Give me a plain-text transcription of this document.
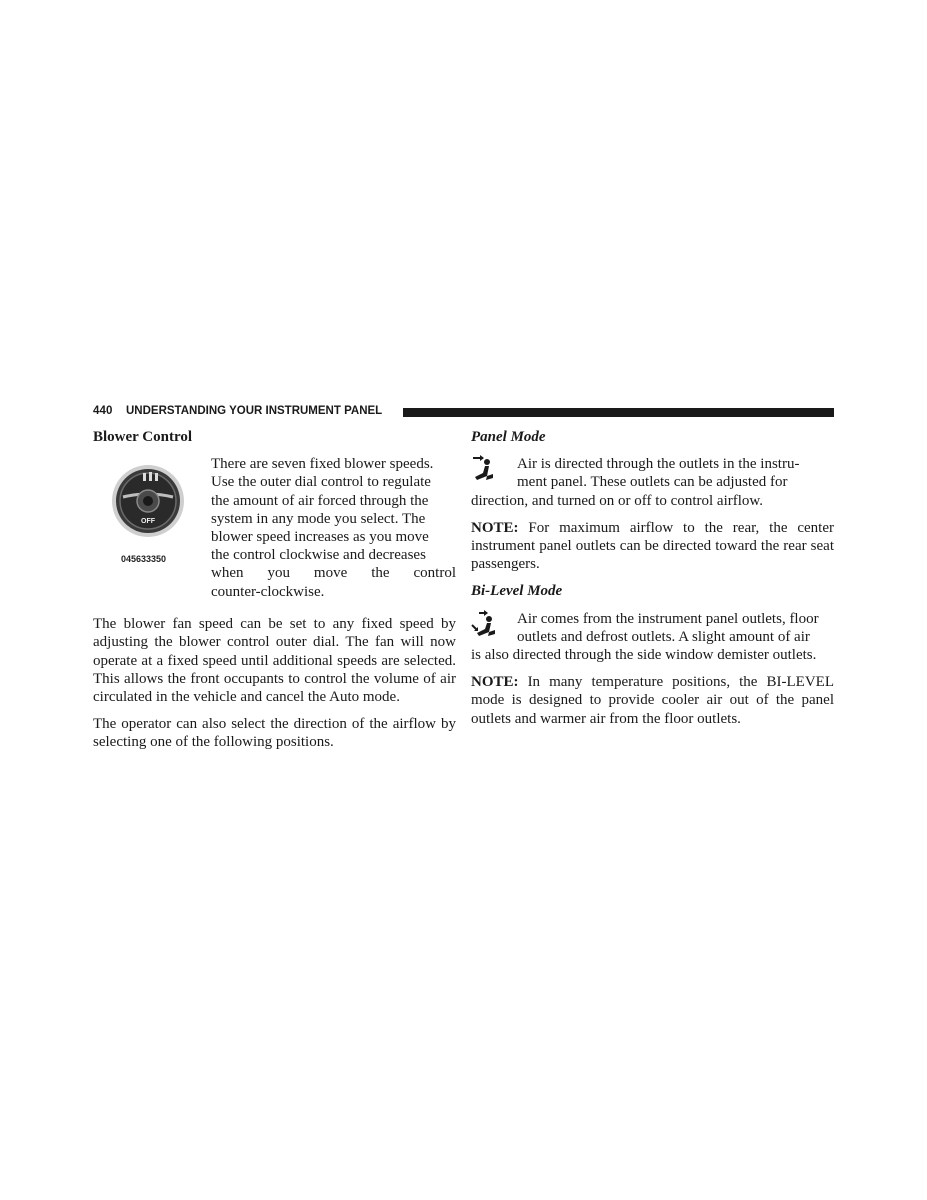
440 UNDERSTANDING YOUR INSTRUMENT PANEL
Blower Control
OFF
045633350
There are seven fixed blower speeds.
Use the outer dial control to regulate
the amount of air forced through the
system in any mode you select. The
blower speed increases as you move
the control clockwise and decreases
when you move the control
counter-clockwise.

The blower fan speed can be set to any fixed speed by adjusting the blower control outer dial. The fan will now operate at a fixed speed until additional speeds are selected. This allows the front occupants to control the volume of air circulated in the vehicle and cancel the Auto mode.

The operator can also select the direction of the airflow by selecting one of the following positions.

Panel Mode
Air is directed through the outlets in the instru-
ment panel. These outlets can be adjusted for
direction, and turned on or off to control airflow.

NOTE: For maximum airflow to the rear, the center instrument panel outlets can be directed toward the rear seat passengers.

Bi-Level Mode
Air comes from the instrument panel outlets, floor
outlets and defrost outlets. A slight amount of air
is also directed through the side window demister outlets.

NOTE: In many temperature positions, the BI-LEVEL mode is designed to provide cooler air out of the panel outlets and warmer air from the floor outlets.
